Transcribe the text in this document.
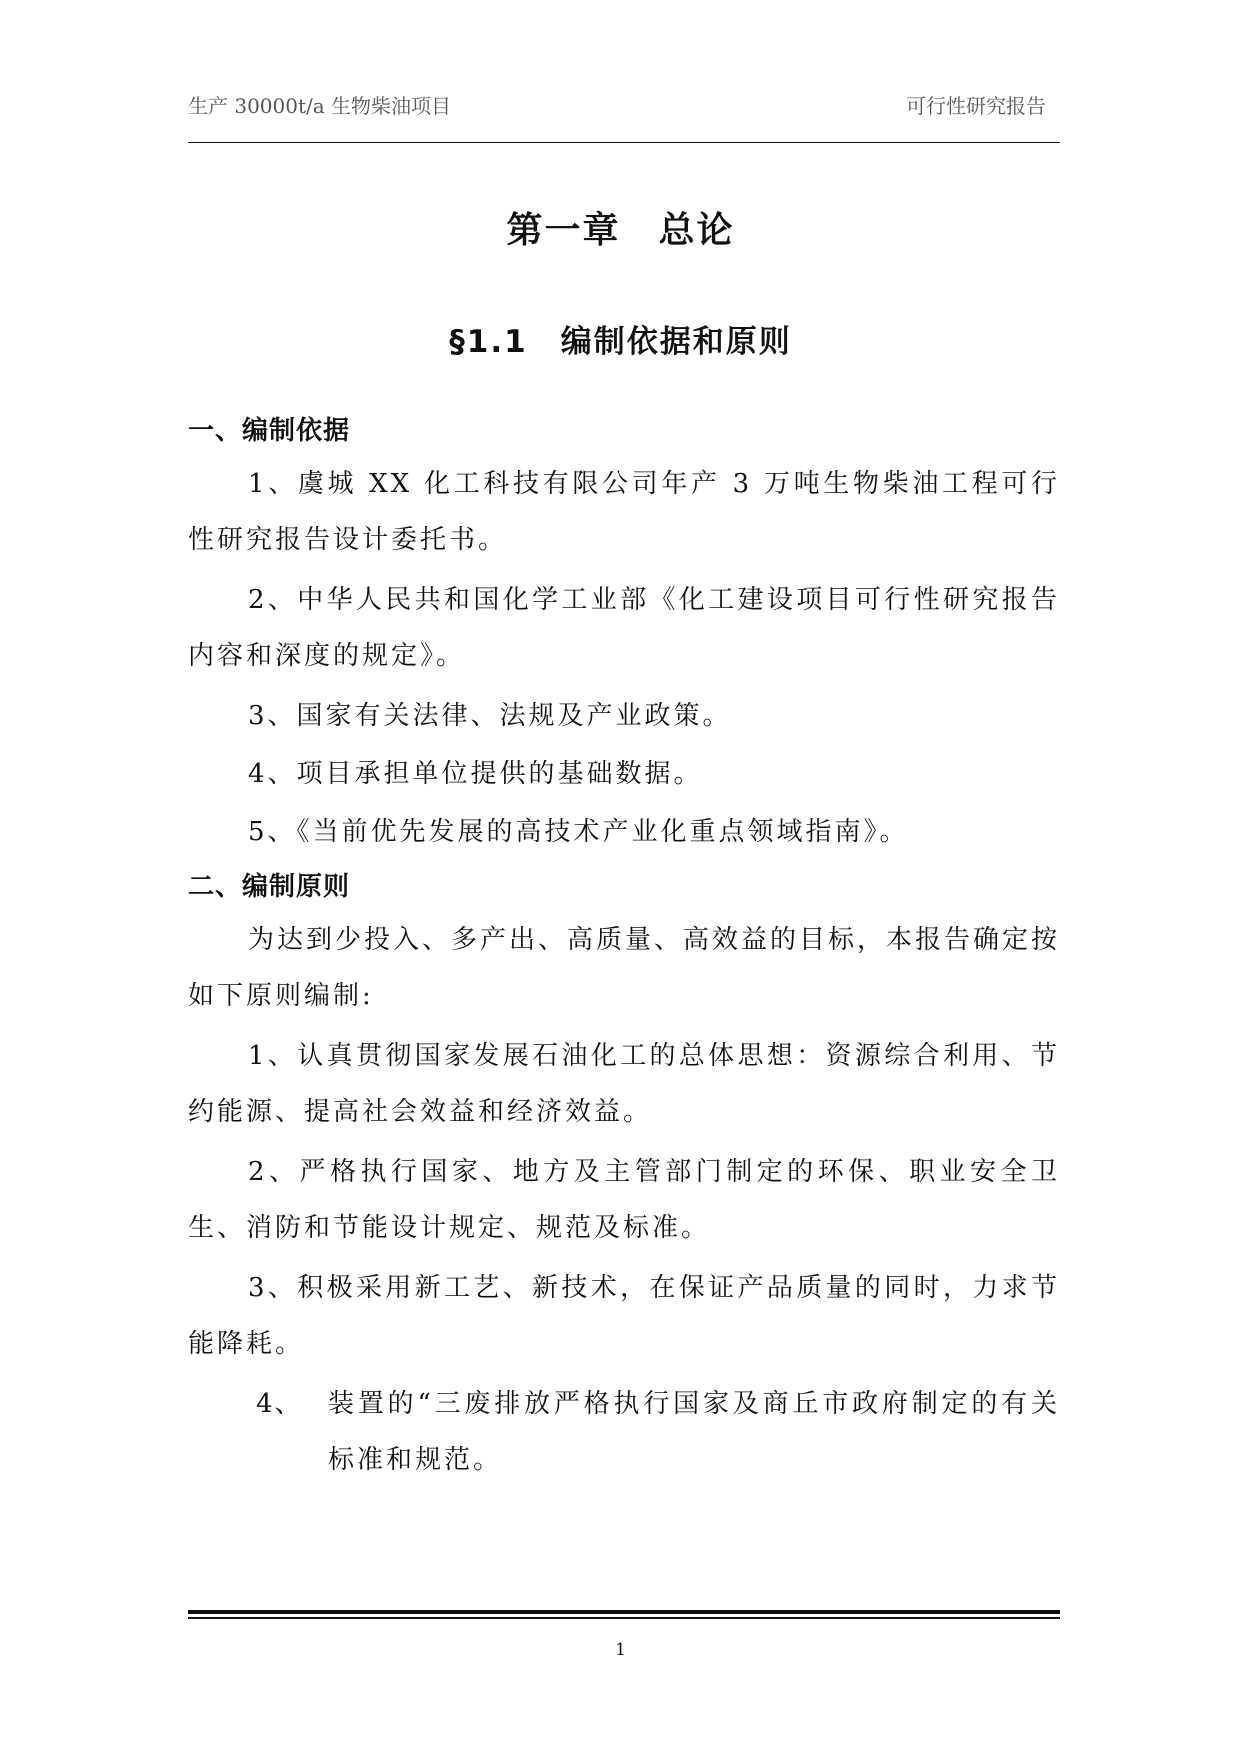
生产 30000t/a 生物柴油项目	可行性研究报告
第一章　总论
§1.1　编制依据和原则
一、编制依据

1、虞城 XX 化工科技有限公司年产 3 万吨生物柴油工程可行性研究报告设计委托书。

2、中华人民共和国化学工业部《化工建设项目可行性研究报告内容和深度的规定》。

3、国家有关法律、法规及产业政策。

4、项目承担单位提供的基础数据。

5、《当前优先发展的高技术产业化重点领域指南》。

二、编制原则

为达到少投入、多产出、高质量、高效益的目标，本报告确定按如下原则编制:

1、认真贯彻国家发展石油化工的总体思想：资源综合利用、节约能源、提高社会效益和经济效益。

2、严格执行国家、地方及主管部门制定的环保、职业安全卫生、消防和节能设计规定、规范及标准。

3、积极采用新工艺、新技术，在保证产品质量的同时，力求节能降耗。

4、 装置的“三废排放严格执行国家及商丘市政府制定的有关标准和规范。

1
